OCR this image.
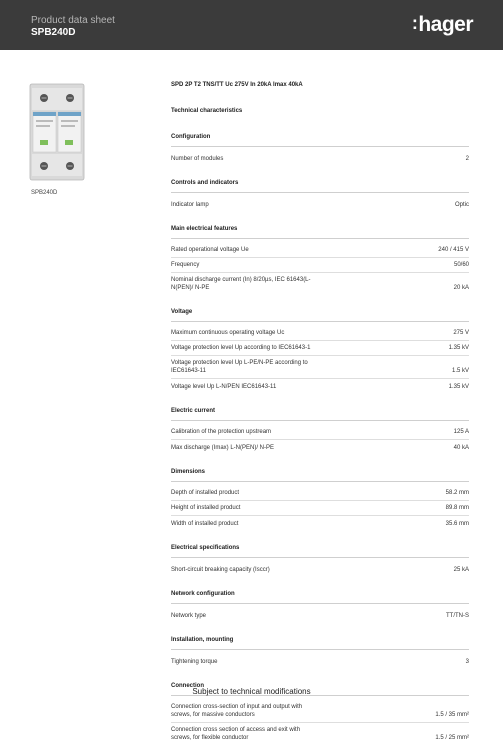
Product data sheet
SPB240D	:hager
SPB240D
SPD 2P T2 TNS/TT Uc 275V In 20kA Imax 40kA
Technical characteristics
Configuration
Number of modules	2
Controls and indicators
Indicator lamp	Optic
Main electrical features
Rated operational voltage Ue	240 / 415 V
Frequency	50/60
Nominal discharge current (In) 8/20µs, IEC 61643(L-N(PEN)/ N-PE	20 kA
Voltage
Maximum continuous operating voltage Uc	275 V
Voltage protection level Up according to IEC61643-1	1.35 kV
Voltage protection level Up L-PE/N-PE according to IEC61643-11	1.5 kV
Voltage level Up L-N/PEN IEC61643-11	1.35 kV
Electric current
Calibration of the protection upstream	125 A
Max discharge (Imax) L-N(PEN)/ N-PE	40 kA
Dimensions
Depth of installed product	58.2 mm
Height of installed product	89.8 mm
Width of installed product	35.6 mm
Electrical specifications
Short-circuit breaking capacity (Isccr)	25 kA
Network configuration
Network type	TT/TN-S
Installation, mounting
Tightening torque	3
Connection
Connection cross-section of input and output with screws, for massive conductors	1.5 / 35 mm²
Connection cross section of access and exit with screws, for flexible conductor	1.5 / 25 mm²
Subject to technical modifications
